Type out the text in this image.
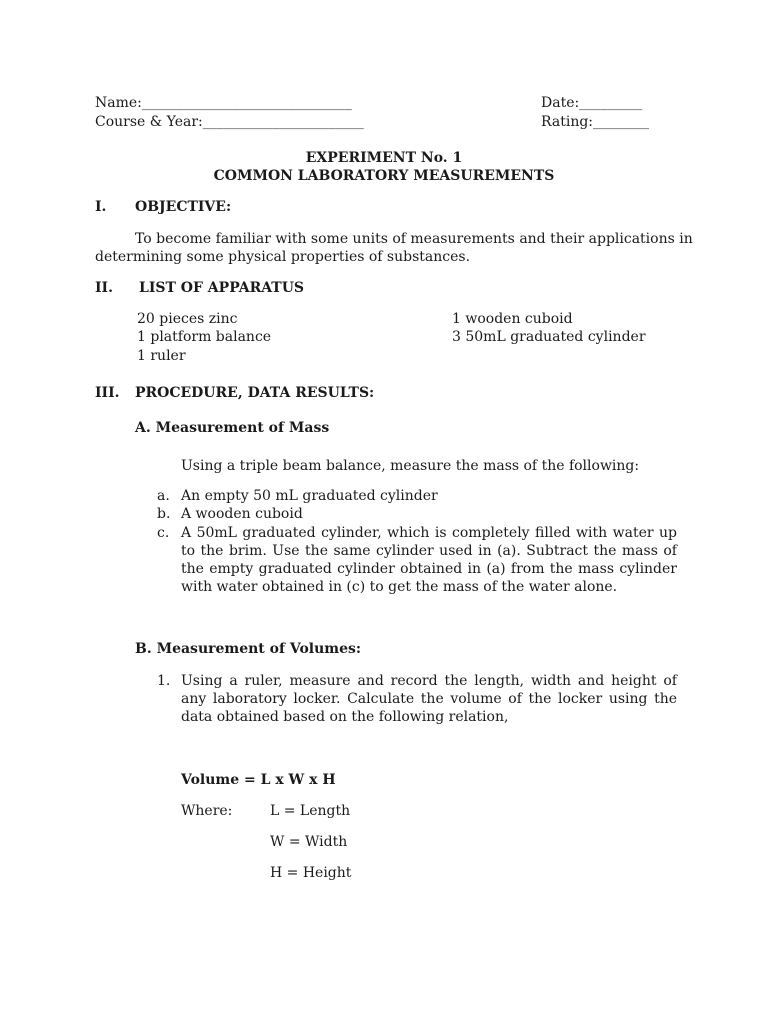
Name:______________________________	Date:_________
Course & Year:_______________________	Rating:________
EXPERIMENT No. 1
COMMON LABORATORY MEASUREMENTS
I. OBJECTIVE:
To become familiar with some units of measurements and their applications in
determining some physical properties of substances.
II. LIST OF APPARATUS
20 pieces zinc
1 platform balance
1 ruler
1 wooden cuboid
3 50mL graduated cylinder
III. PROCEDURE, DATA RESULTS:
A. Measurement of Mass
Using a triple beam balance, measure the mass of the following:
a. An empty 50 mL graduated cylinder
b. A wooden cuboid
c. A 50mL graduated cylinder, which is completely filled with water up to the brim. Use the same cylinder used in (a). Subtract the mass of the empty graduated cylinder obtained in (a) from the mass cylinder with water obtained in (c) to get the mass of the water alone.
B. Measurement of Volumes:
1. Using a ruler, measure and record the length, width and height of any laboratory locker. Calculate the volume of the locker using the data obtained based on the following relation,
Volume = L x W x H
Where:	L = Length
W = Width
H = Height
